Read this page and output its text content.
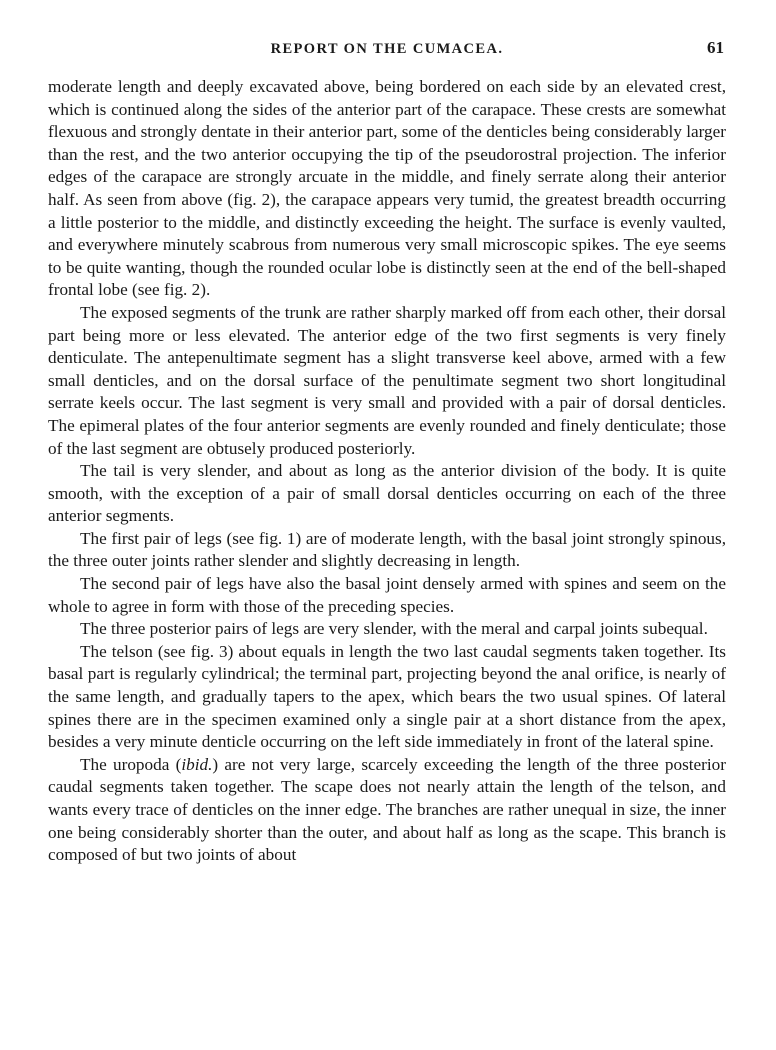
REPORT ON THE CUMACEA.	61

moderate length and deeply excavated above, being bordered on each side by an elevated crest, which is continued along the sides of the anterior part of the carapace. These crests are somewhat flexuous and strongly dentate in their anterior part, some of the denticles being considerably larger than the rest, and the two anterior occupying the tip of the pseudorostral projection. The inferior edges of the carapace are strongly arcuate in the middle, and finely serrate along their anterior half. As seen from above (fig. 2), the carapace appears very tumid, the greatest breadth occurring a little posterior to the middle, and distinctly exceeding the height. The surface is evenly vaulted, and everywhere minutely scabrous from numerous very small microscopic spikes. The eye seems to be quite wanting, though the rounded ocular lobe is distinctly seen at the end of the bell-shaped frontal lobe (see fig. 2).

The exposed segments of the trunk are rather sharply marked off from each other, their dorsal part being more or less elevated. The anterior edge of the two first segments is very finely denticulate. The antepenultimate segment has a slight transverse keel above, armed with a few small denticles, and on the dorsal surface of the penultimate segment two short longitudinal serrate keels occur. The last segment is very small and provided with a pair of dorsal denticles. The epimeral plates of the four anterior segments are evenly rounded and finely denticulate; those of the last segment are obtusely produced posteriorly.

The tail is very slender, and about as long as the anterior division of the body. It is quite smooth, with the exception of a pair of small dorsal denticles occurring on each of the three anterior segments.

The first pair of legs (see fig. 1) are of moderate length, with the basal joint strongly spinous, the three outer joints rather slender and slightly decreasing in length.

The second pair of legs have also the basal joint densely armed with spines and seem on the whole to agree in form with those of the preceding species.

The three posterior pairs of legs are very slender, with the meral and carpal joints subequal.

The telson (see fig. 3) about equals in length the two last caudal segments taken together. Its basal part is regularly cylindrical; the terminal part, projecting beyond the anal orifice, is nearly of the same length, and gradually tapers to the apex, which bears the two usual spines. Of lateral spines there are in the specimen examined only a single pair at a short distance from the apex, besides a very minute denticle occurring on the left side immediately in front of the lateral spine.

The uropoda (ibid.) are not very large, scarcely exceeding the length of the three posterior caudal segments taken together. The scape does not nearly attain the length of the telson, and wants every trace of denticles on the inner edge. The branches are rather unequal in size, the inner one being considerably shorter than the outer, and about half as long as the scape. This branch is composed of but two joints of about
